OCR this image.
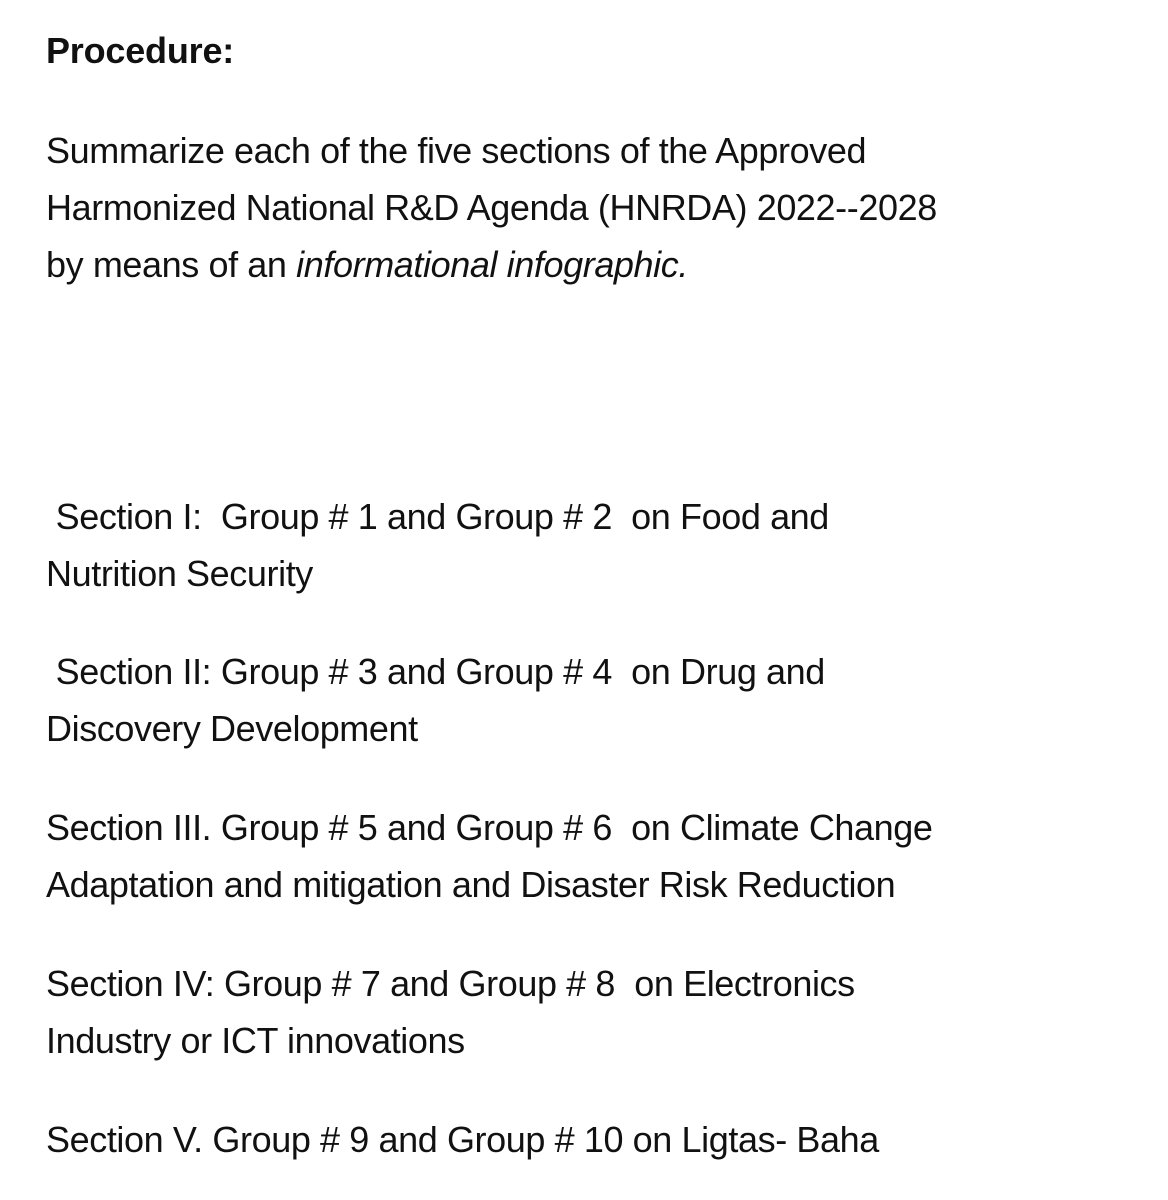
Procedure:
Summarize each of the five sections of the Approved
Harmonized National R&D Agenda (HNRDA) 2022--2028
by means of an informational infographic.
Section I:  Group # 1 and Group # 2  on Food and
Nutrition Security
Section II: Group # 3 and Group # 4  on Drug and
Discovery Development
Section III. Group # 5 and Group # 6  on Climate Change
Adaptation and mitigation and Disaster Risk Reduction
Section IV: Group # 7 and Group # 8  on Electronics
Industry or ICT innovations
Section V. Group # 9 and Group # 10 on Ligtas- Baha
